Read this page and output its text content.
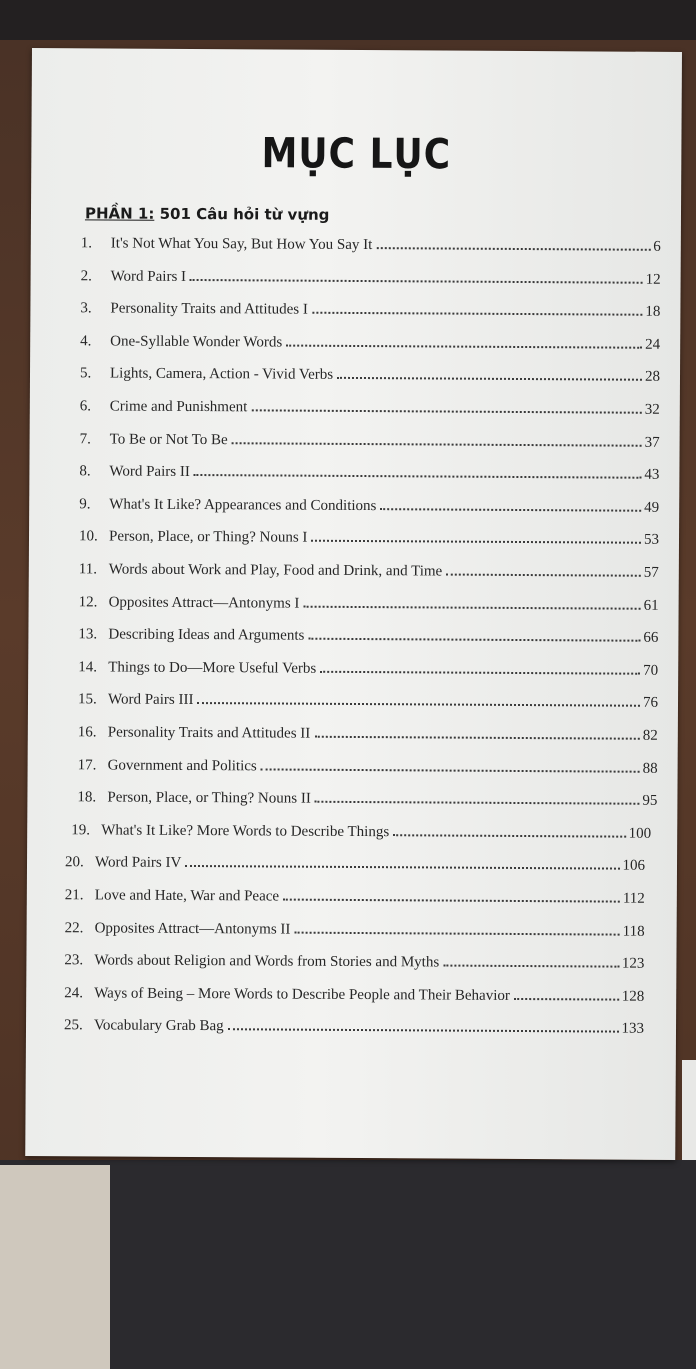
MỤC LỤC
PHẦN 1: 501 Câu hỏi từ vựng
1.	It's Not What You Say, But How You Say It	6
2.	Word Pairs I	12
3.	Personality Traits and Attitudes I	18
4.	One-Syllable Wonder Words	24
5.	Lights, Camera, Action - Vivid Verbs	28
6.	Crime and Punishment	32
7.	To Be or Not To Be	37
8.	Word Pairs II	43
9.	What's It Like? Appearances and Conditions	49
10. Person, Place, or Thing? Nouns I	53
11. Words about Work and Play, Food and Drink, and Time	57
12. Opposites Attract—Antonyms I	61
13. Describing Ideas and Arguments	66
14. Things to Do—More Useful Verbs	70
15. Word Pairs III	76
16. Personality Traits and Attitudes II	82
17. Government and Politics	88
18. Person, Place, or Thing? Nouns II	95
19. What's It Like? More Words to Describe Things	100
20. Word Pairs IV	106
21. Love and Hate, War and Peace	112
22. Opposites Attract—Antonyms II	118
23. Words about Religion and Words from Stories and Myths	123
24. Ways of Being – More Words to Describe People and Their Behavior	128
25. Vocabulary Grab Bag	133
